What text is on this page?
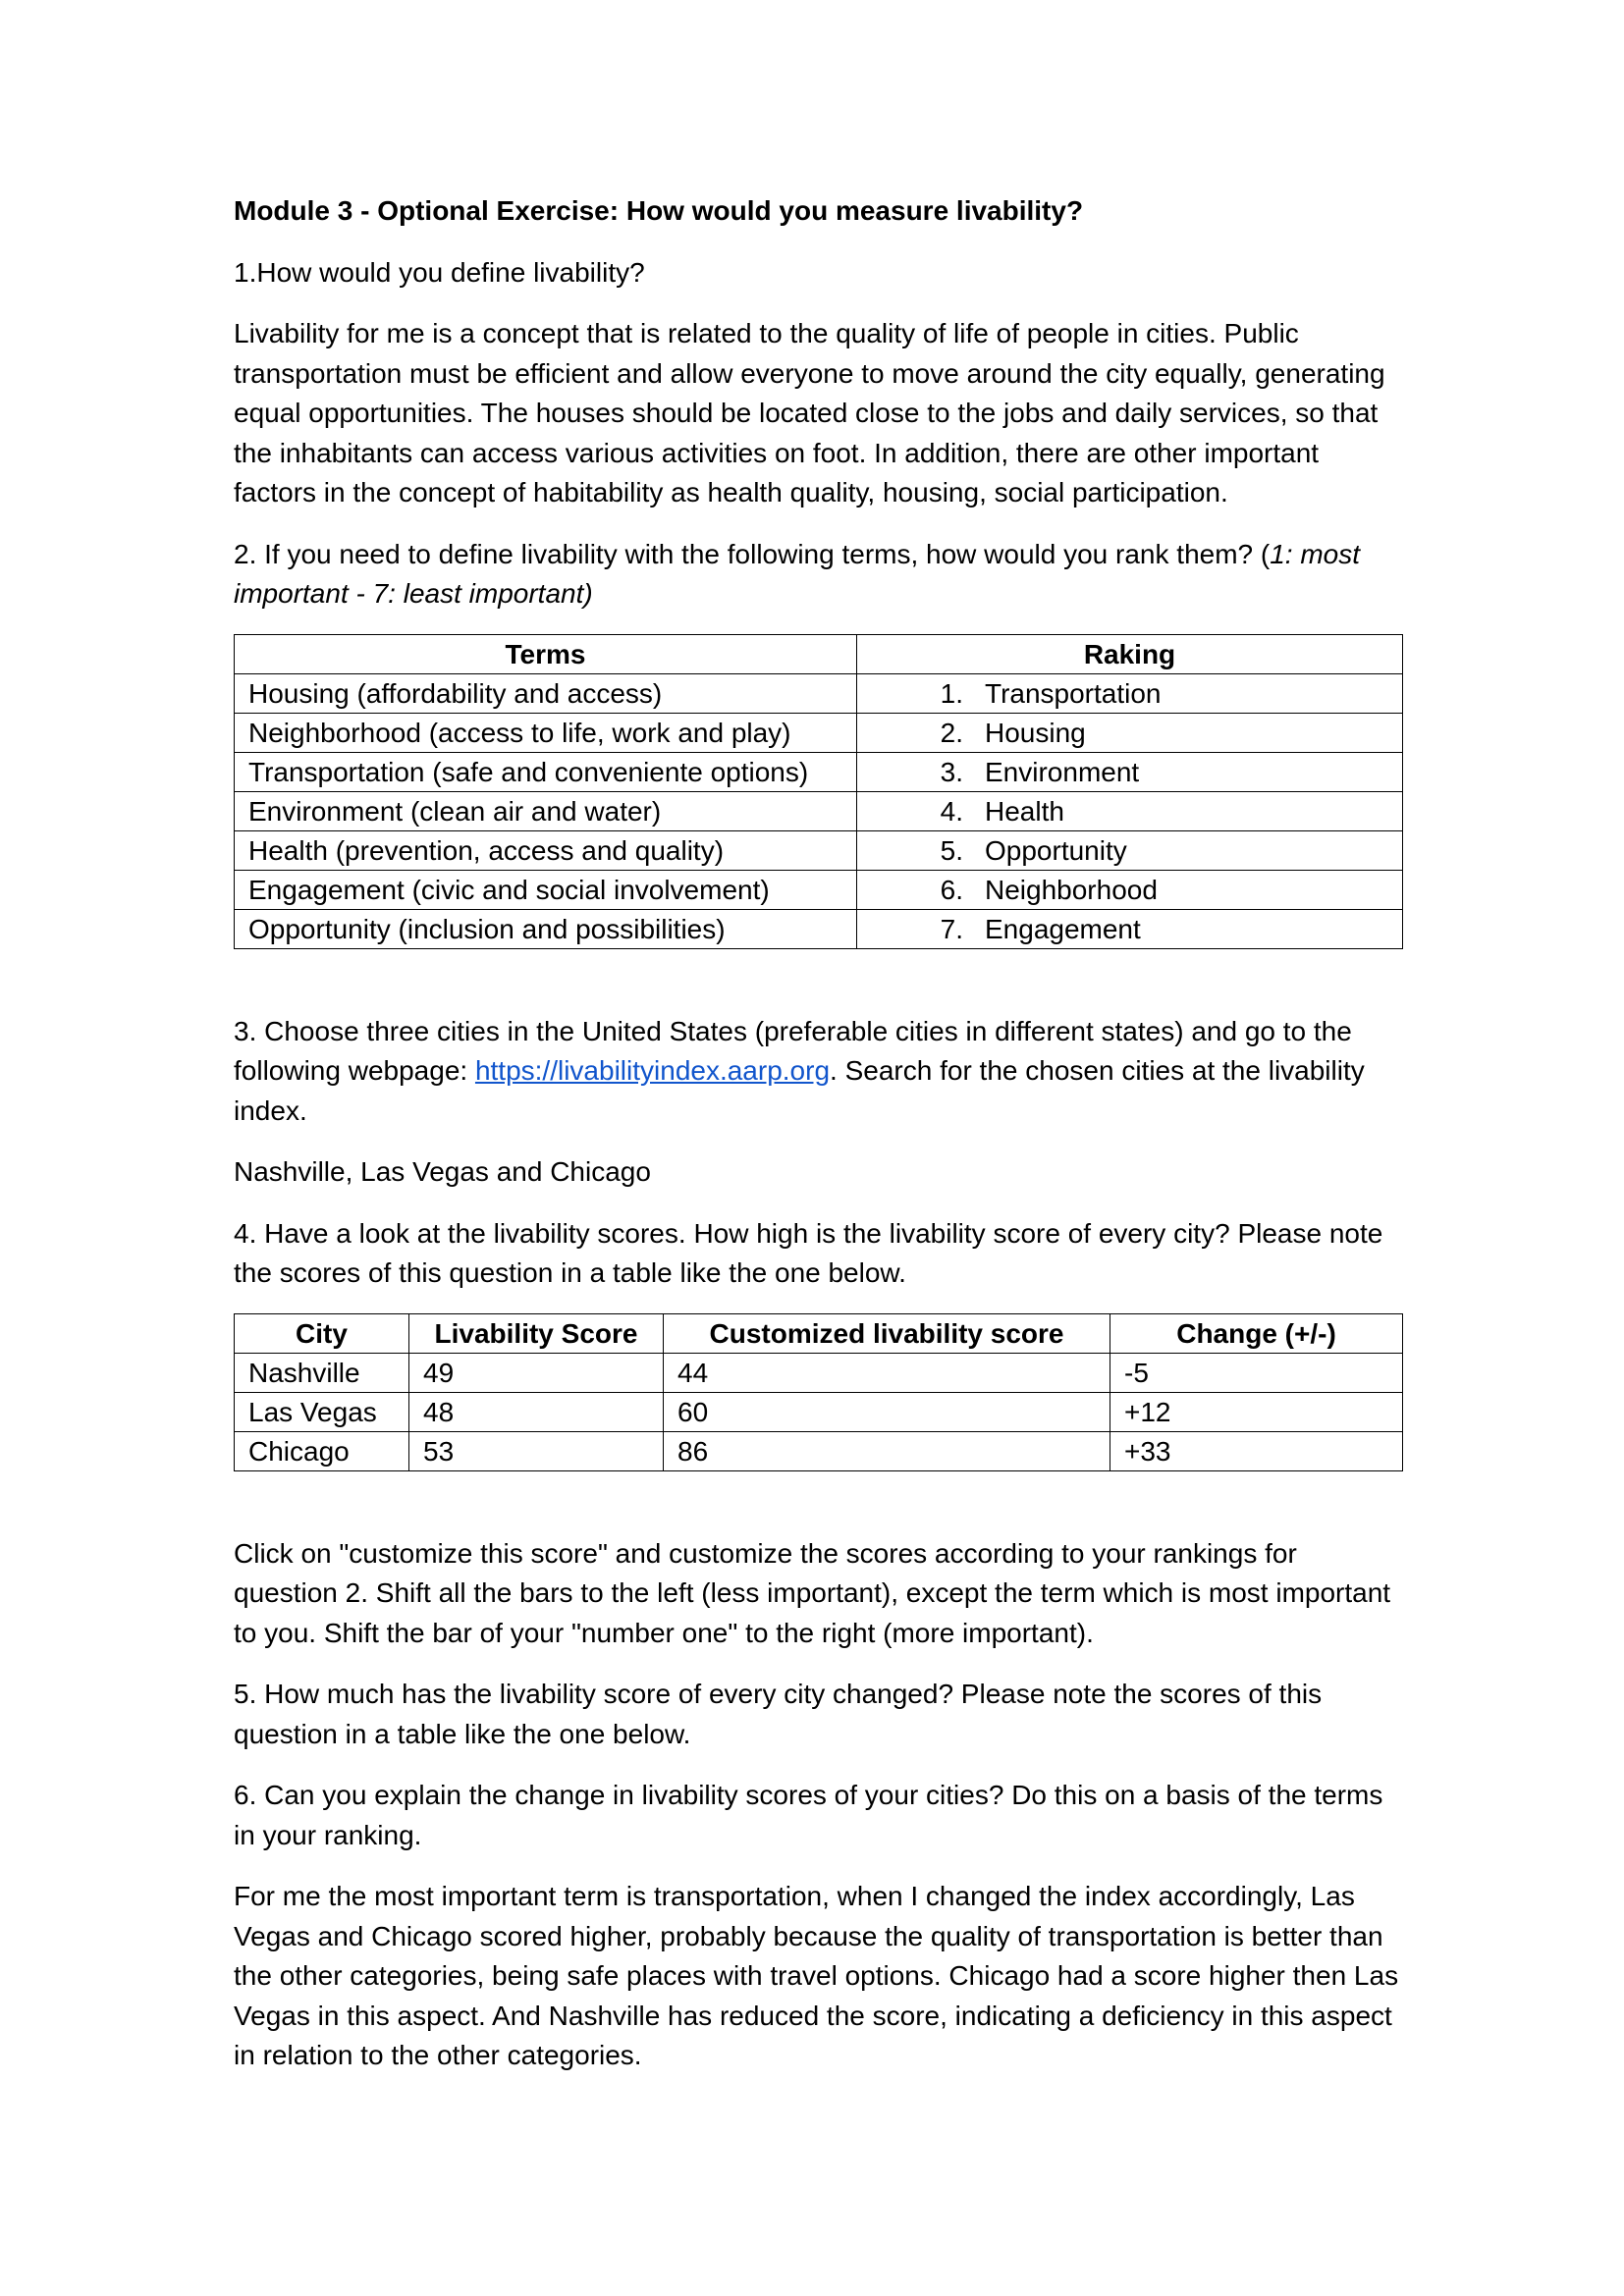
Module 3 - Optional Exercise: How would you measure livability?

1.How would you define livability?

Livability for me is a concept that is related to the quality of life of people in cities. Public transportation must be efficient and allow everyone to move around the city equally, generating equal opportunities. The houses should be located close to the jobs and daily services, so that the inhabitants can access various activities on foot. In addition, there are other important factors in the concept of habitability as health quality, housing, social participation.

2. If you need to define livability with the following terms, how would you rank them? (1: most important - 7: least important)

Terms	Raking
Housing (affordability and access)	1. Transportation
Neighborhood (access to life, work and play)	2. Housing
Transportation (safe and conveniente options)	3. Environment
Environment (clean air and water)	4. Health
Health (prevention, access and quality)	5. Opportunity
Engagement (civic and social involvement)	6. Neighborhood
Opportunity (inclusion and possibilities)	7. Engagement

3. Choose three cities in the United States (preferable cities in different states) and go to the following webpage: https://livabilityindex.aarp.org. Search for the chosen cities at the livability index.

Nashville, Las Vegas and Chicago

4. Have a look at the livability scores. How high is the livability score of every city? Please note the scores of this question in a table like the one below.

City	Livability Score	Customized livability score	Change (+/-)
Nashville	49	44	-5
Las Vegas	48	60	+12
Chicago	53	86	+33

Click on "customize this score" and customize the scores according to your rankings for question 2. Shift all the bars to the left (less important), except the term which is most important to you. Shift the bar of your "number one" to the right (more important).

5. How much has the livability score of every city changed? Please note the scores of this question in a table like the one below.

6. Can you explain the change in livability scores of your cities? Do this on a basis of the terms in your ranking.

For me the most important term is transportation, when I changed the index accordingly, Las Vegas and Chicago scored higher, probably because the quality of transportation is better than the other categories, being safe places with travel options. Chicago had a score higher then Las Vegas in this aspect. And Nashville has reduced the score, indicating a deficiency in this aspect in relation to the other categories.
